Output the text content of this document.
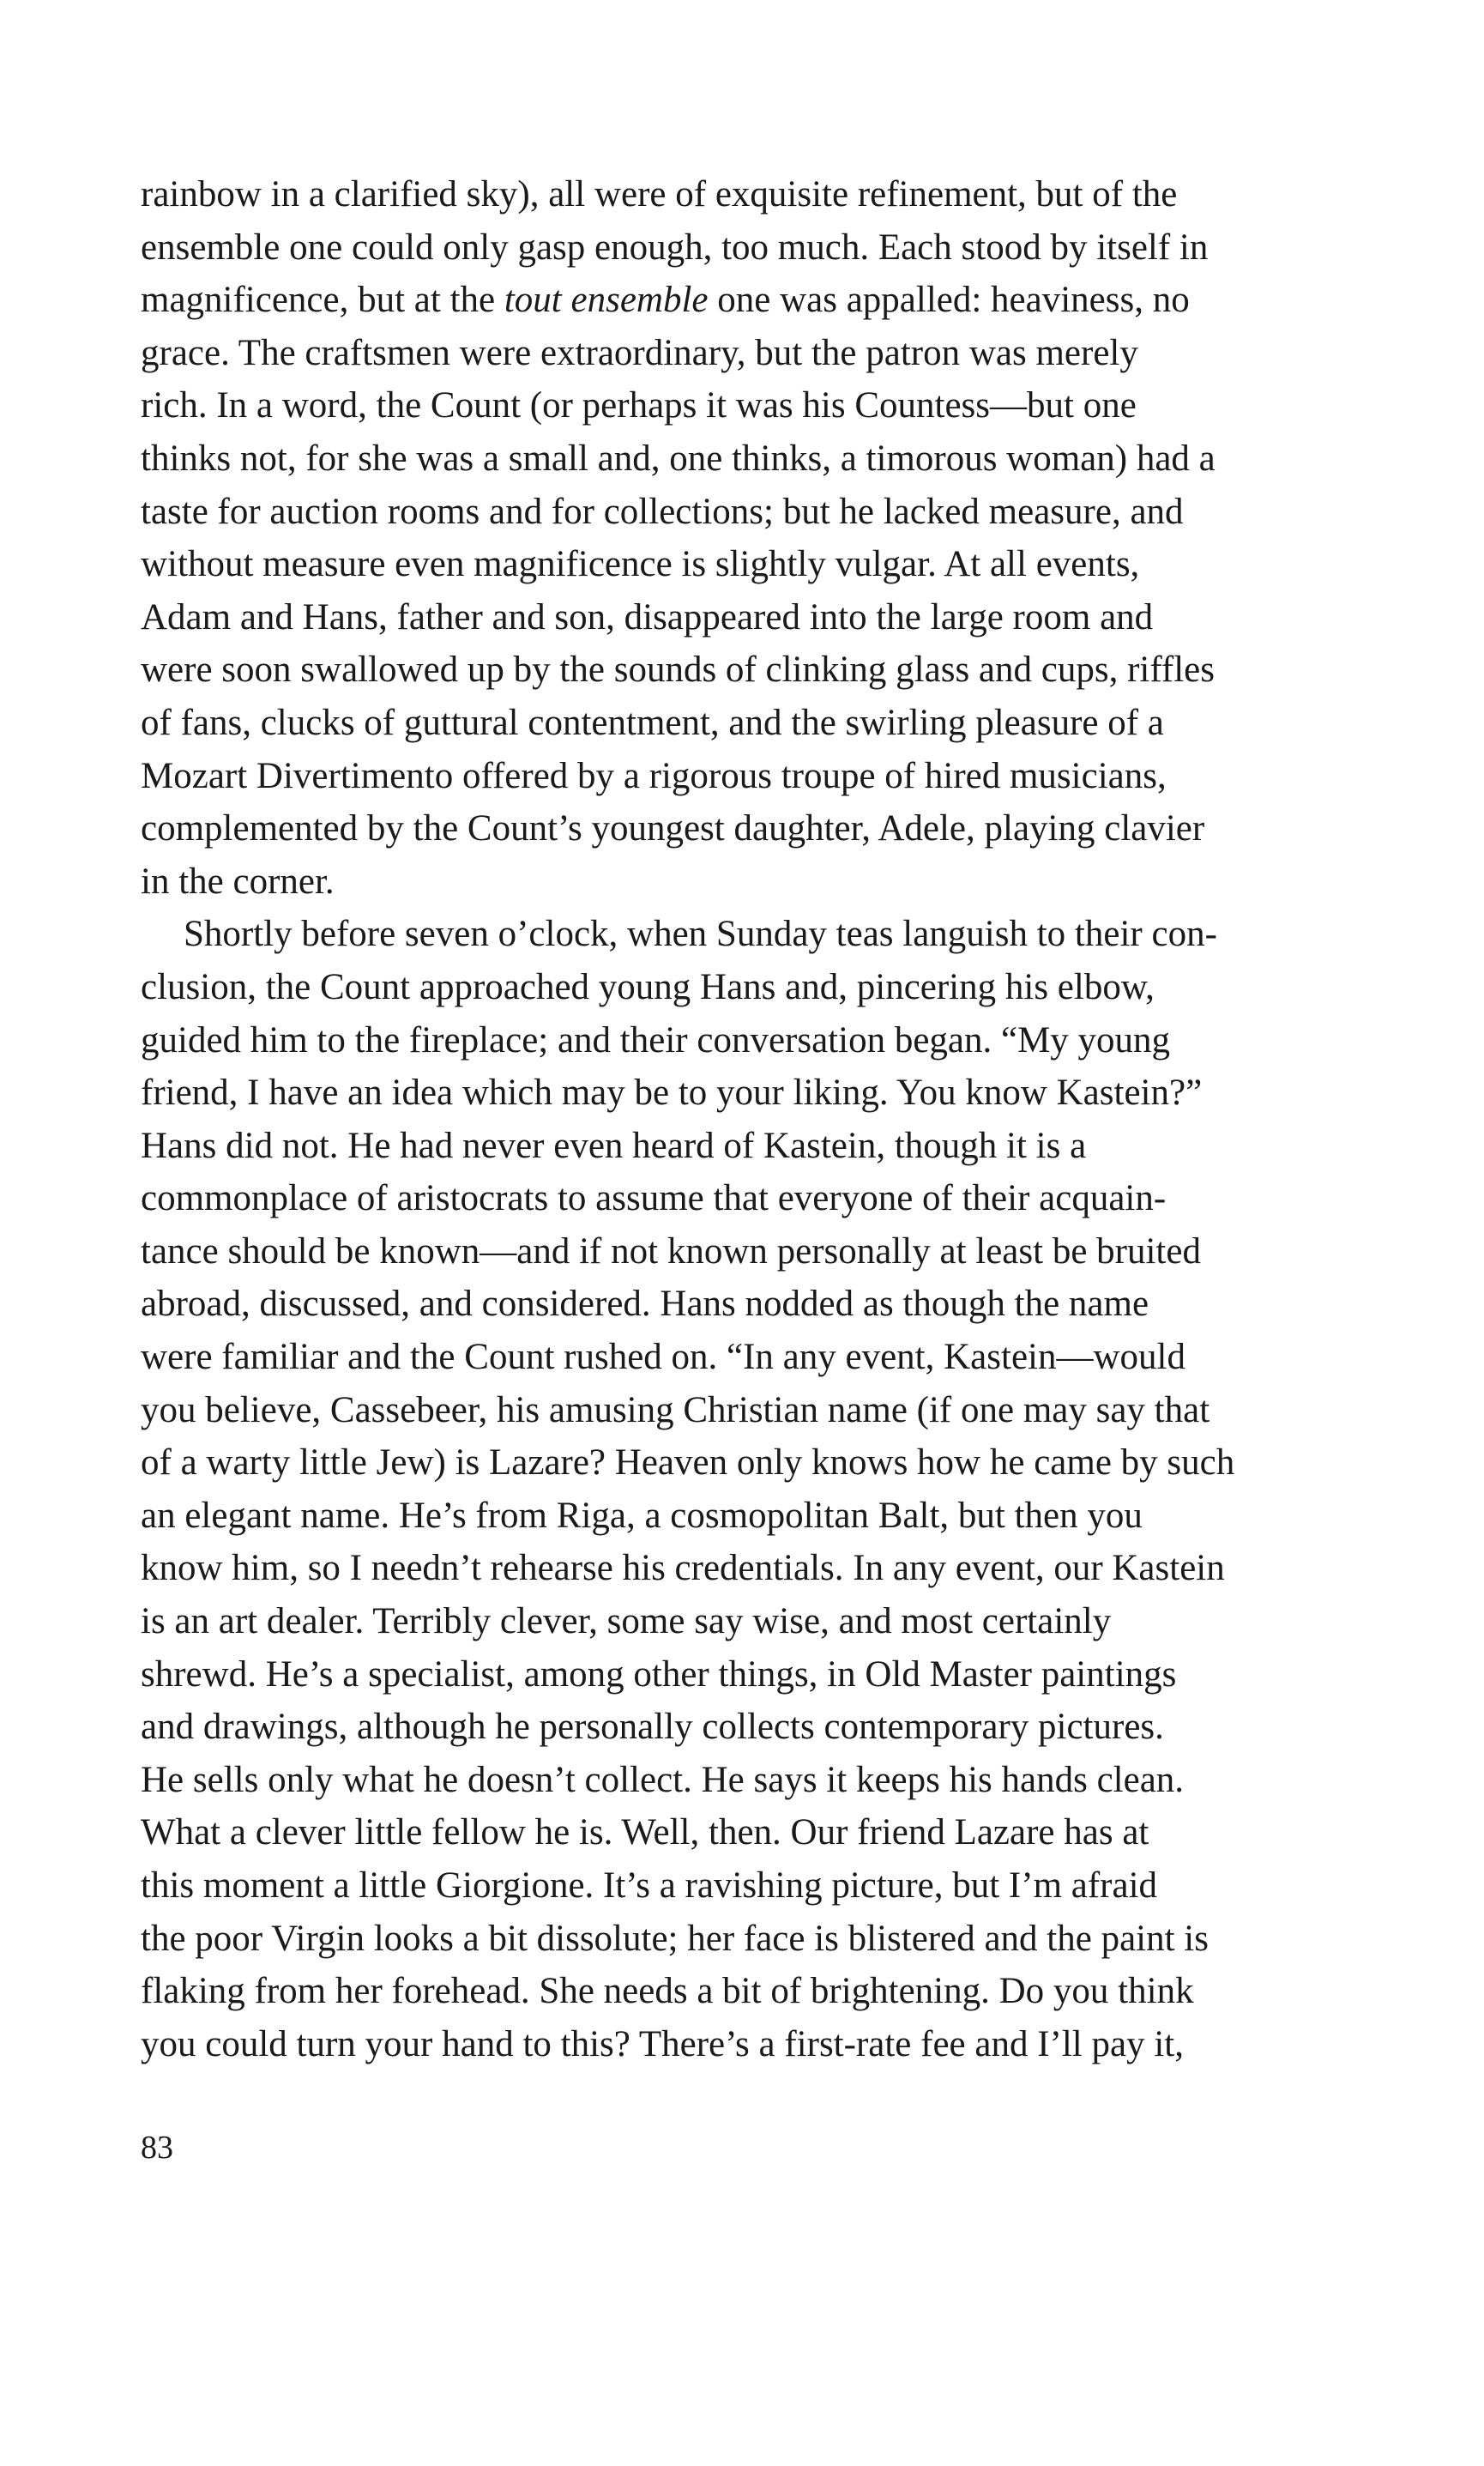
rainbow in a clarified sky), all were of exquisite refinement, but of the
ensemble one could only gasp enough, too much. Each stood by itself in
magnificence, but at the tout ensemble one was appalled: heaviness, no
grace. The craftsmen were extraordinary, but the patron was merely
rich. In a word, the Count (or perhaps it was his Countess—but one
thinks not, for she was a small and, one thinks, a timorous woman) had a
taste for auction rooms and for collections; but he lacked measure, and
without measure even magnificence is slightly vulgar. At all events,
Adam and Hans, father and son, disappeared into the large room and
were soon swallowed up by the sounds of clinking glass and cups, riffles
of fans, clucks of guttural contentment, and the swirling pleasure of a
Mozart Divertimento offered by a rigorous troupe of hired musicians,
complemented by the Count’s youngest daughter, Adele, playing clavier
in the corner.
Shortly before seven o’clock, when Sunday teas languish to their con-
clusion, the Count approached young Hans and, pincering his elbow,
guided him to the fireplace; and their conversation began. “My young
friend, I have an idea which may be to your liking. You know Kastein?”
Hans did not. He had never even heard of Kastein, though it is a
commonplace of aristocrats to assume that everyone of their acquain-
tance should be known—and if not known personally at least be bruited
abroad, discussed, and considered. Hans nodded as though the name
were familiar and the Count rushed on. “In any event, Kastein—would
you believe, Cassebeer, his amusing Christian name (if one may say that
of a warty little Jew) is Lazare? Heaven only knows how he came by such
an elegant name. He’s from Riga, a cosmopolitan Balt, but then you
know him, so I needn’t rehearse his credentials. In any event, our Kastein
is an art dealer. Terribly clever, some say wise, and most certainly
shrewd. He’s a specialist, among other things, in Old Master paintings
and drawings, although he personally collects contemporary pictures.
He sells only what he doesn’t collect. He says it keeps his hands clean.
What a clever little fellow he is. Well, then. Our friend Lazare has at
this moment a little Giorgione. It’s a ravishing picture, but I’m afraid
the poor Virgin looks a bit dissolute; her face is blistered and the paint is
flaking from her forehead. She needs a bit of brightening. Do you think
you could turn your hand to this? There’s a first-rate fee and I’ll pay it,
83
